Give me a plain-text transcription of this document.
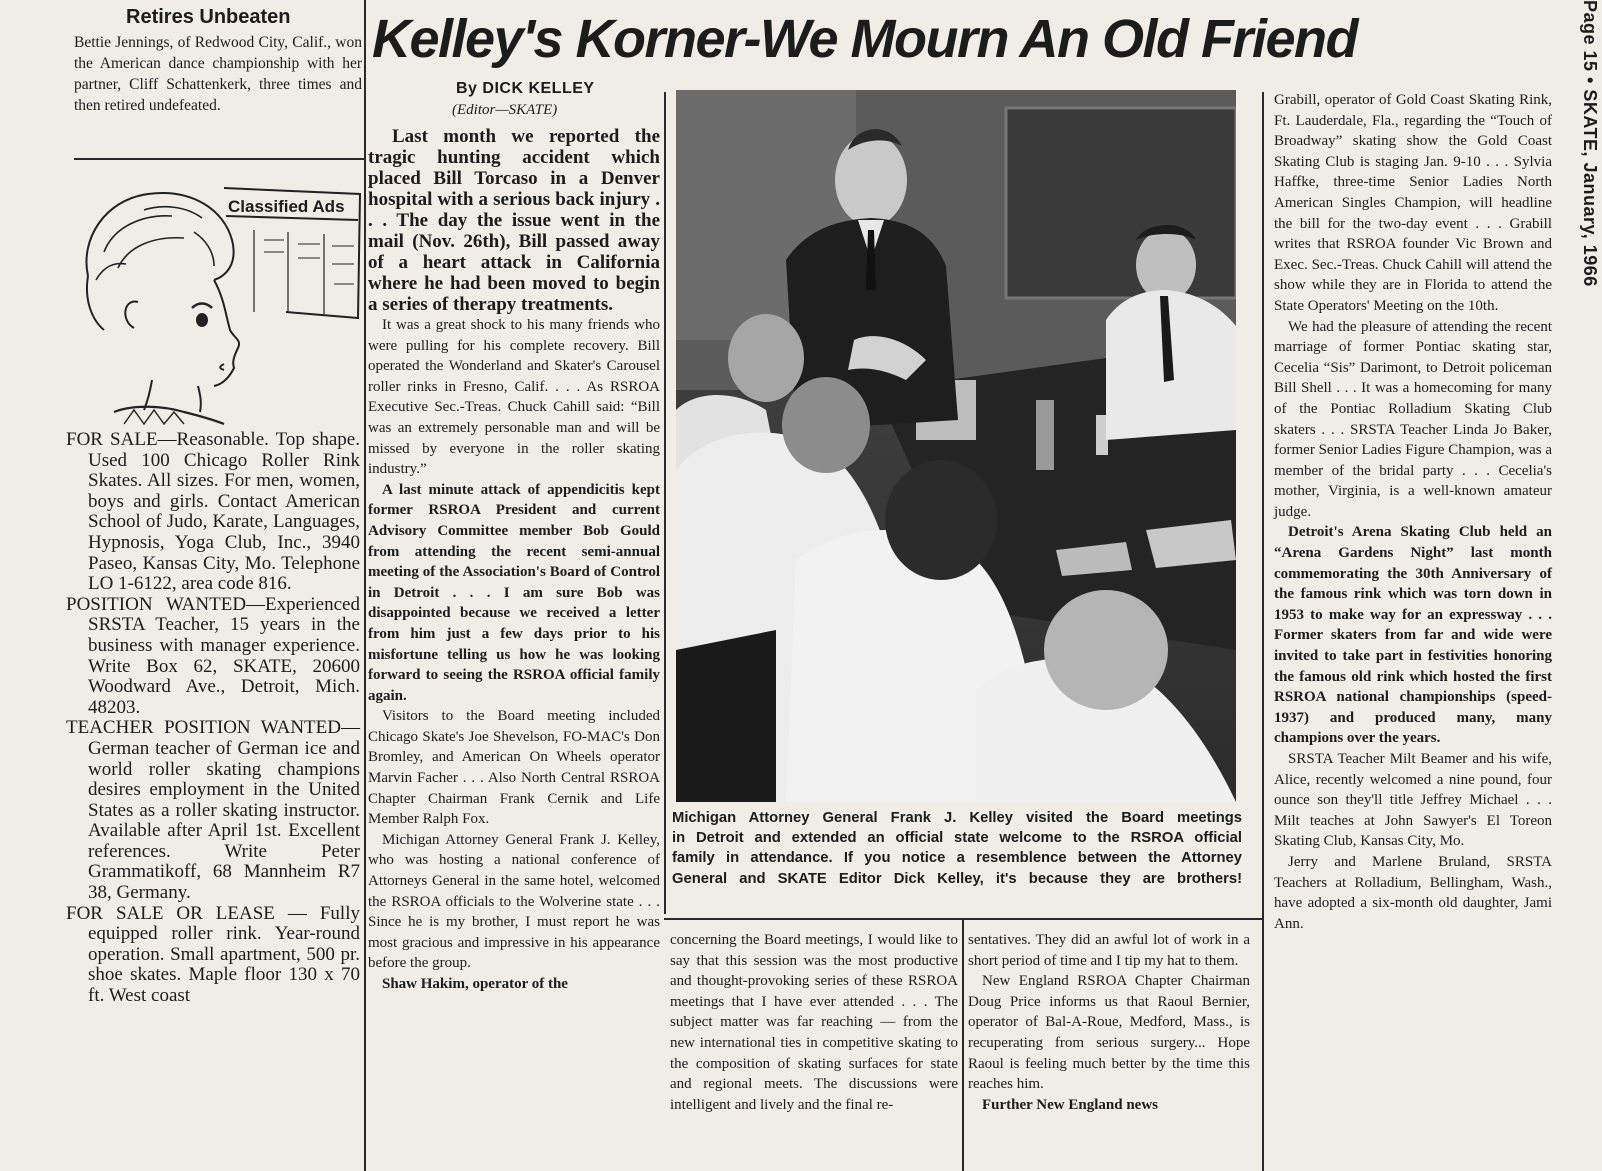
Page 15 • SKATE, January, 1966
Retires Unbeaten
Bettie Jennings, of Redwood City, Calif., won the American dance championship with her partner, Cliff Schattenkerk, three times and then retired undefeated.
Classified Ads

FOR SALE—Reasonable. Top shape. Used 100 Chicago Roller Rink Skates. All sizes. For men, women, boys and girls. Contact American School of Judo, Karate, Languages, Hypnosis, Yoga Club, Inc., 3940 Paseo, Kansas City, Mo. Telephone LO 1-6122, area code 816.

POSITION WANTED—Experienced SRSTA Teacher, 15 years in the business with manager experience. Write Box 62, SKATE, 20600 Woodward Ave., Detroit, Mich. 48203.

TEACHER POSITION WANTED—German teacher of German ice and world roller skating champions desires employment in the United States as a roller skating instructor. Available after April 1st. Excellent references. Write Peter Grammatikoff, 68 Mannheim R7 38, Germany.

FOR SALE OR LEASE — Fully equipped roller rink. Year-round operation. Small apartment, 500 pr. shoe skates. Maple floor 130 x 70 ft. West coast

Kelley's Korner-We Mourn An Old Friend
By DICK KELLEY
(Editor—SKATE)

Last month we reported the tragic hunting accident which placed Bill Torcaso in a Denver hospital with a serious back injury . . . The day the issue went in the mail (Nov. 26th), Bill passed away of a heart attack in California where he had been moved to begin a series of therapy treatments.

It was a great shock to his many friends who were pulling for his complete recovery. Bill operated the Wonderland and Skater's Carousel roller rinks in Fresno, Calif. . . . As RSROA Executive Sec.-Treas. Chuck Cahill said: “Bill was an extremely personable man and will be missed by everyone in the roller skating industry.”

A last minute attack of appendicitis kept former RSROA President and current Advisory Committee member Bob Gould from attending the recent semi-annual meeting of the Association's Board of Control in Detroit . . . I am sure Bob was disappointed because we received a letter from him just a few days prior to his misfortune telling us how he was looking forward to seeing the RSROA official family again.

Visitors to the Board meeting included Chicago Skate's Joe Shevelson, FO-MAC's Don Bromley, and American On Wheels operator Marvin Facher . . . Also North Central RSROA Chapter Chairman Frank Cernik and Life Member Ralph Fox.

Michigan Attorney General Frank J. Kelley, who was hosting a national conference of Attorneys General in the same hotel, welcomed the RSROA officials to the Wolverine state . . . Since he is my brother, I must report he was most gracious and impressive in his appearance before the group.

Shaw Hakim, operator of the

Michigan Attorney General Frank J. Kelley visited the Board meetings
in Detroit and extended an official state welcome to the RSROA official
family in attendance. If you notice a resemblence between the Attorney
General and SKATE Editor Dick Kelley, it's because they are brothers!

concerning the Board meetings, I would like to say that this session was the most productive and thought-provoking series of these RSROA meetings that I have ever attended . . . The subject matter was far reaching — from the new international ties in competitive skating to the composition of skating surfaces for state and regional meets. The discussions were intelligent and lively and the final re-

sentatives. They did an awful lot of work in a short period of time and I tip my hat to them.

New England RSROA Chapter Chairman Doug Price informs us that Raoul Bernier, operator of Bal-A-Roue, Medford, Mass., is recuperating from serious surgery... Hope Raoul is feeling much better by the time this reaches him.

Further New England news

Grabill, operator of Gold Coast Skating Rink, Ft. Lauderdale, Fla., regarding the “Touch of Broadway” skating show the Gold Coast Skating Club is staging Jan. 9-10 . . . Sylvia Haffke, three-time Senior Ladies North American Singles Champion, will headline the bill for the two-day event . . . Grabill writes that RSROA founder Vic Brown and Exec. Sec.-Treas. Chuck Cahill will attend the show while they are in Florida to attend the State Operators' Meeting on the 10th.

We had the pleasure of attending the recent marriage of former Pontiac skating star, Cecelia “Sis” Darimont, to Detroit policeman Bill Shell . . . It was a homecoming for many of the Pontiac Rolladium Skating Club skaters . . . SRSTA Teacher Linda Jo Baker, former Senior Ladies Figure Champion, was a member of the bridal party . . . Cecelia's mother, Virginia, is a well-known amateur judge.

Detroit's Arena Skating Club held an “Arena Gardens Night” last month commemorating the 30th Anniversary of the famous rink which was torn down in 1953 to make way for an expressway . . . Former skaters from far and wide were invited to take part in festivities honoring the famous old rink which hosted the first RSROA national championships (speed-1937) and produced many, many champions over the years.

SRSTA Teacher Milt Beamer and his wife, Alice, recently welcomed a nine pound, four ounce son they'll title Jeffrey Michael . . . Milt teaches at John Sawyer's El Toreon Skating Club, Kansas City, Mo.

Jerry and Marlene Bruland, SRSTA Teachers at Rolladium, Bellingham, Wash., have adopted a six-month old daughter, Jami Ann.
